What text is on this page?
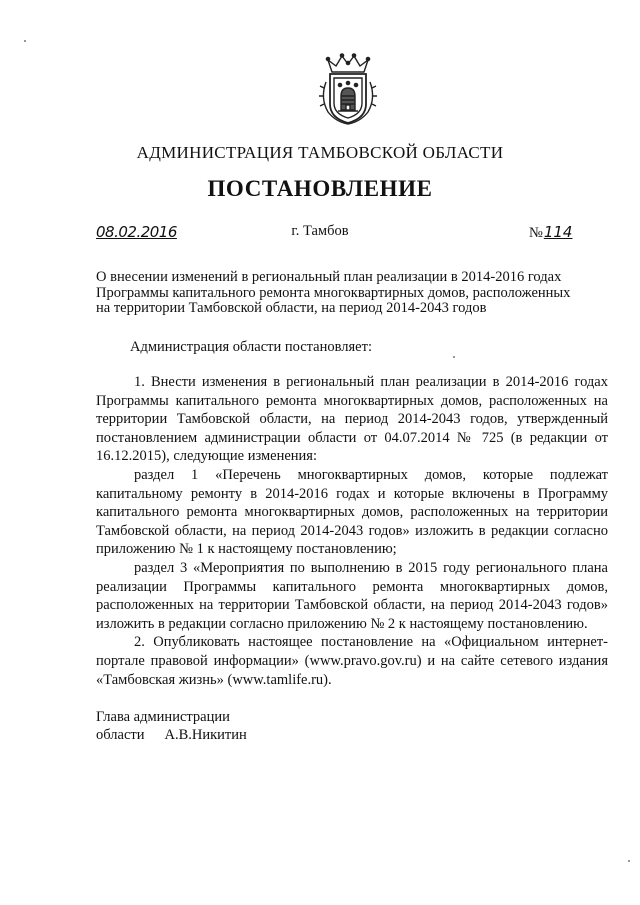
АДМИНИСТРАЦИЯ ТАМБОВСКОЙ ОБЛАСТИ
ПОСТАНОВЛЕНИЕ
08.02.2016	г. Тамбов	№114
О внесении изменений в региональный план реализации в 2014-2016 годах
Программы капитального ремонта многоквартирных домов, расположенных
на территории Тамбовской области, на период 2014-2043 годов
Администрация области постановляет:

1. Внести изменения в региональный план реализации в 2014-2016 годах Программы капитального ремонта многоквартирных домов, расположенных на территории Тамбовской области, на период 2014-2043 годов, утвержденный постановлением администрации области от 04.07.2014 № 725 (в редакции от 16.12.2015), следующие изменения:

раздел 1 «Перечень многоквартирных домов, которые подлежат капитальному ремонту в 2014-2016 годах и которые включены в Программу капитального ремонта многоквартирных домов, расположенных на территории Тамбовской области, на период 2014-2043 годов» изложить в редакции согласно приложению № 1 к настоящему постановлению;

раздел 3 «Мероприятия по выполнению в 2015 году регионального плана реализации Программы капитального ремонта многоквартирных домов, расположенных на территории Тамбовской области, на период 2014-2043 годов» изложить в редакции согласно приложению № 2 к настоящему постановлению.

2. Опубликовать настоящее постановление на «Официальном интернет-портале правовой информации» (www.pravo.gov.ru) и на сайте сетевого издания «Тамбовская жизнь» (www.tamlife.ru).

Глава администрации
области А.В.Никитин
